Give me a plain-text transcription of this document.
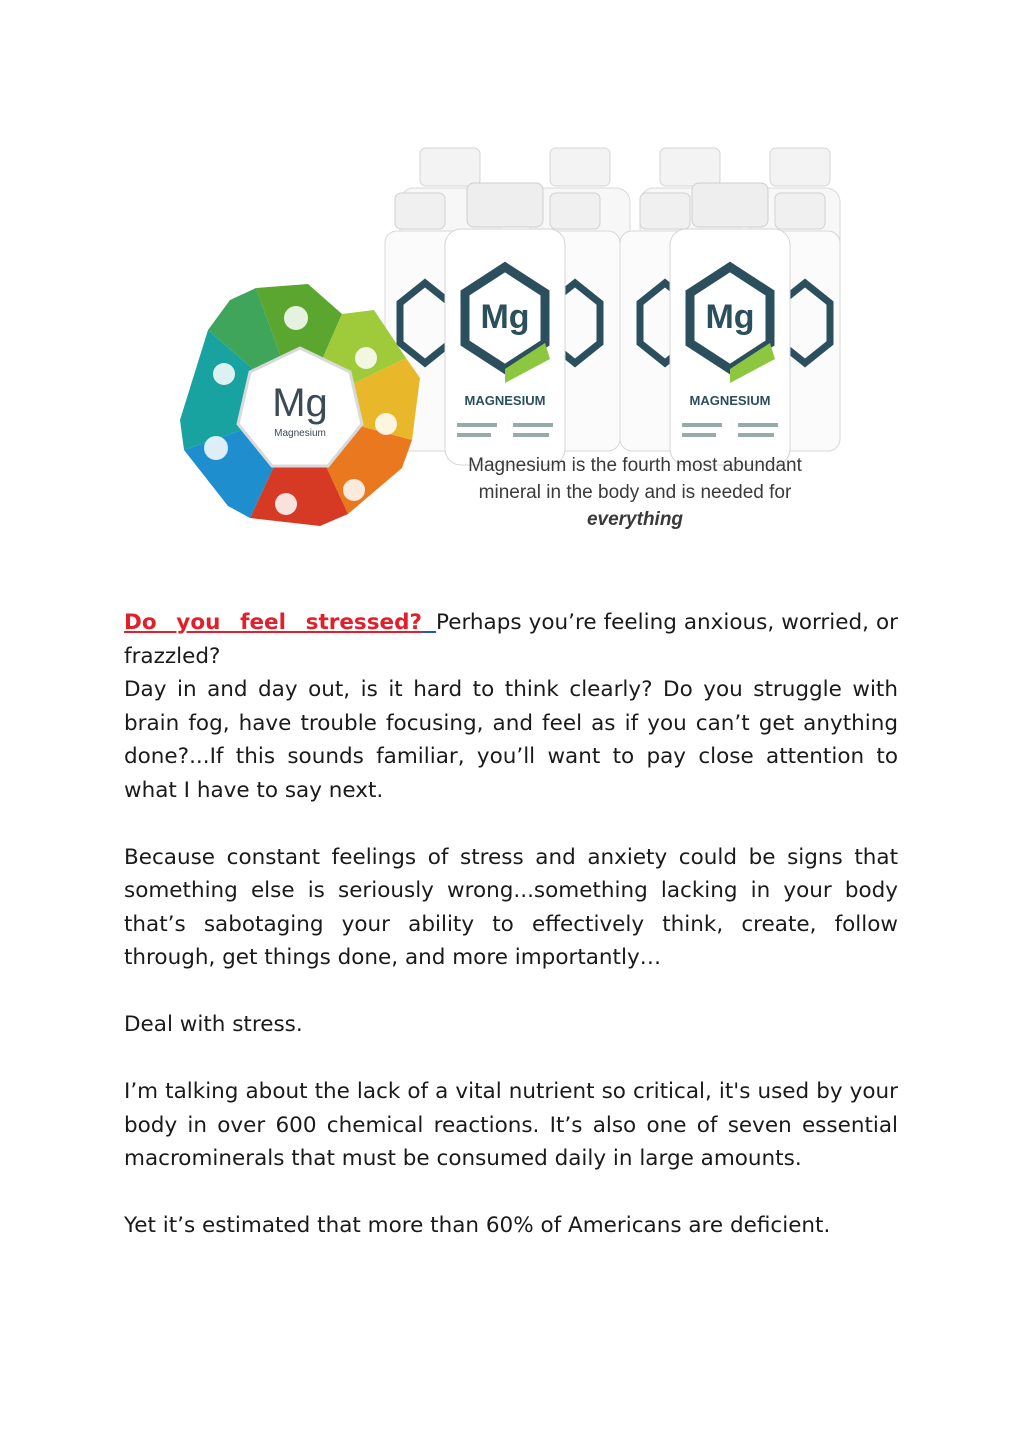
Mg
MAGNESIUM
Mg
MAGNESIUM
Mg
Magnesium
Magnesium is the fourth most abundant
mineral in the body and is needed for
everything

Do you feel stressed? Perhaps you’re feeling anxious, worried, or frazzled?
Day in and day out, is it hard to think clearly? Do you struggle with brain fog, have trouble focusing, and feel as if you can’t get anything done?...If this sounds familiar, you’ll want to pay close attention to what I have to say next.

Because constant feelings of stress and anxiety could be signs that something else is seriously wrong...something lacking in your body that’s sabotaging your ability to effectively think, create, follow through, get things done, and more importantly…

Deal with stress.

I’m talking about the lack of a vital nutrient so critical, it's used by your body in over 600 chemical reactions. It’s also one of seven essential macrominerals that must be consumed daily in large amounts.

Yet it’s estimated that more than 60% of Americans are deficient.
